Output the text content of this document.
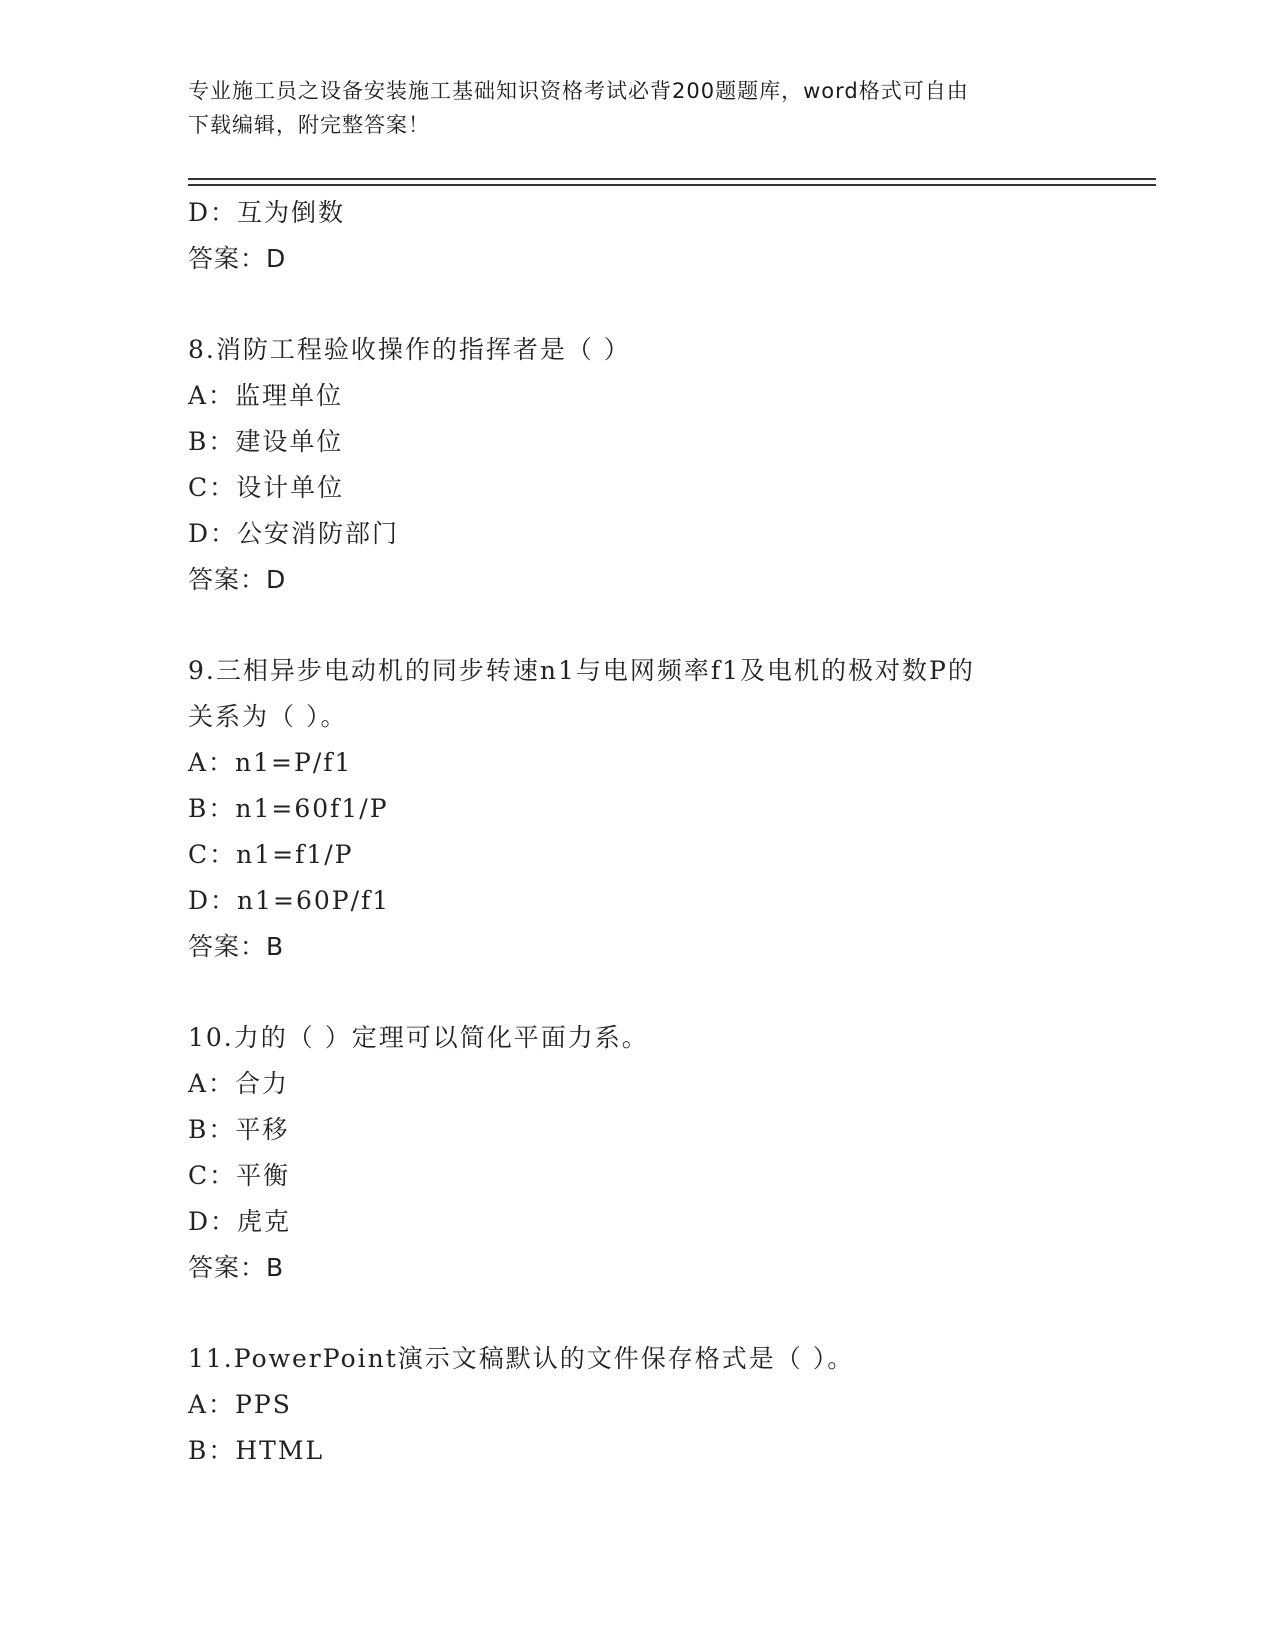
专业施工员之设备安装施工基础知识资格考试必背200题题库，word格式可自由
下载编辑，附完整答案！
D：互为倒数
答案：D
8.消防工程验收操作的指挥者是（ ）
A：监理单位
B：建设单位
C：设计单位
D：公安消防部门
答案：D
9.三相异步电动机的同步转速n1与电网频率f1及电机的极对数P的
关系为（ ）。
A：n1=P/f1
B：n1=60f1/P
C：n1=f1/P
D：n1=60P/f1
答案：B
10.力的（ ）定理可以简化平面力系。
A：合力
B：平移
C：平衡
D：虎克
答案：B
11.PowerPoint演示文稿默认的文件保存格式是（ ）。
A：PPS
B：HTML
